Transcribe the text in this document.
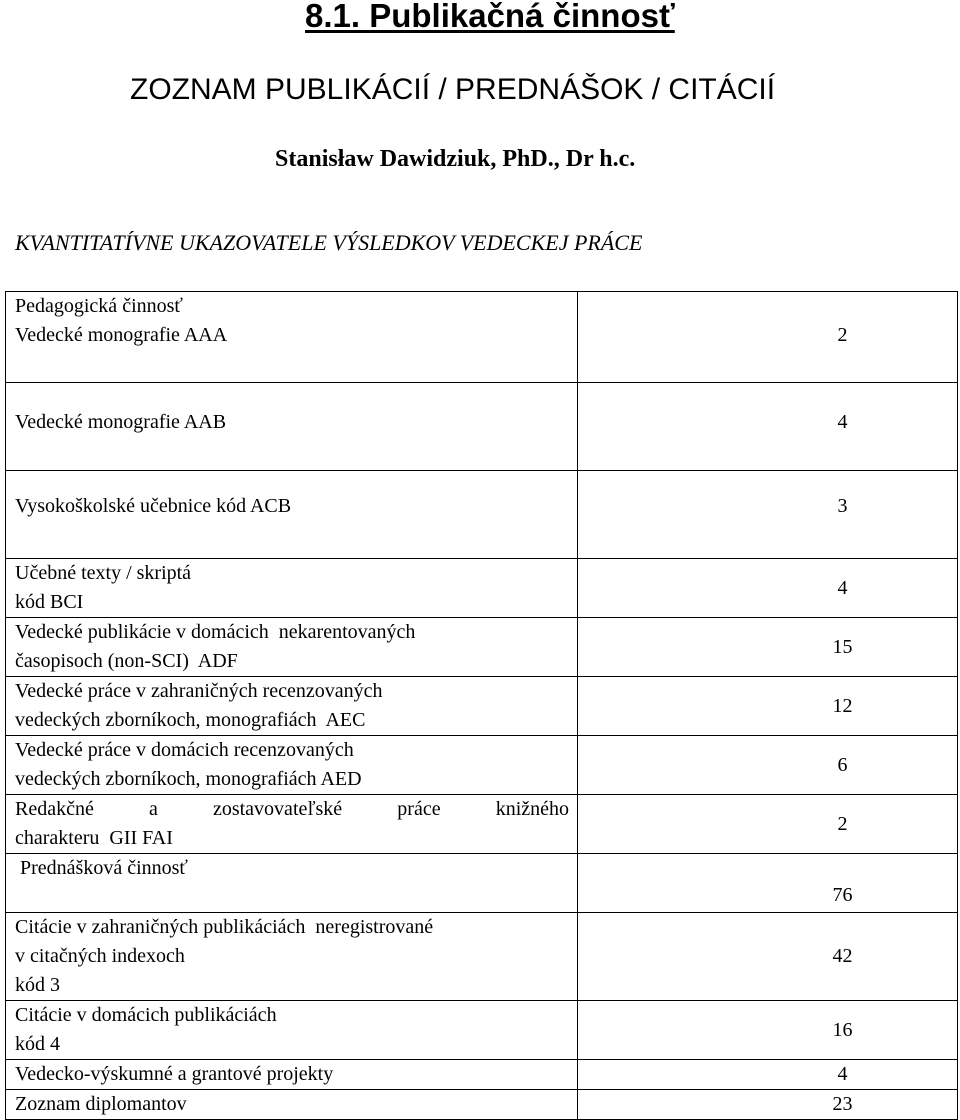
8.1. Publikačná činnosť
ZOZNAM PUBLIKÁCIÍ / PREDNÁŠOK / CITÁCIÍ
Stanisław Dawidziuk, PhD., Dr h.c.
KVANTITATÍVNE UKAZOVATELE VÝSLEDKOV VEDECKEJ PRÁCE
Pedagogická činnosť
Vedecké monografie AAA	2

Vedecké monografie AAB	4

Vysokoškolské učebnice kód ACB	3

Učebné texty / skriptá
kód BCI	4

Vedecké publikácie v domácich  nekarentovaných
časopisoch (non-SCI)  ADF	15

Vedecké práce v zahraničných recenzovaných
vedeckých zborníkoch, monografiách  AEC	12

Vedecké práce v domácich recenzovaných
vedeckých zborníkoch, monografiách AED	6

Redakčné a zostavovateľské práce knižného
charakteru  GII FAI	2

Prednášková činnosť	76

Citácie v zahraničných publikáciách  neregistrované
v citačných indexoch
kód 3	42

Citácie v domácich publikáciách
kód 4	16

Vedecko-výskumné a grantové projekty	4

Zoznam diplomantov	23
